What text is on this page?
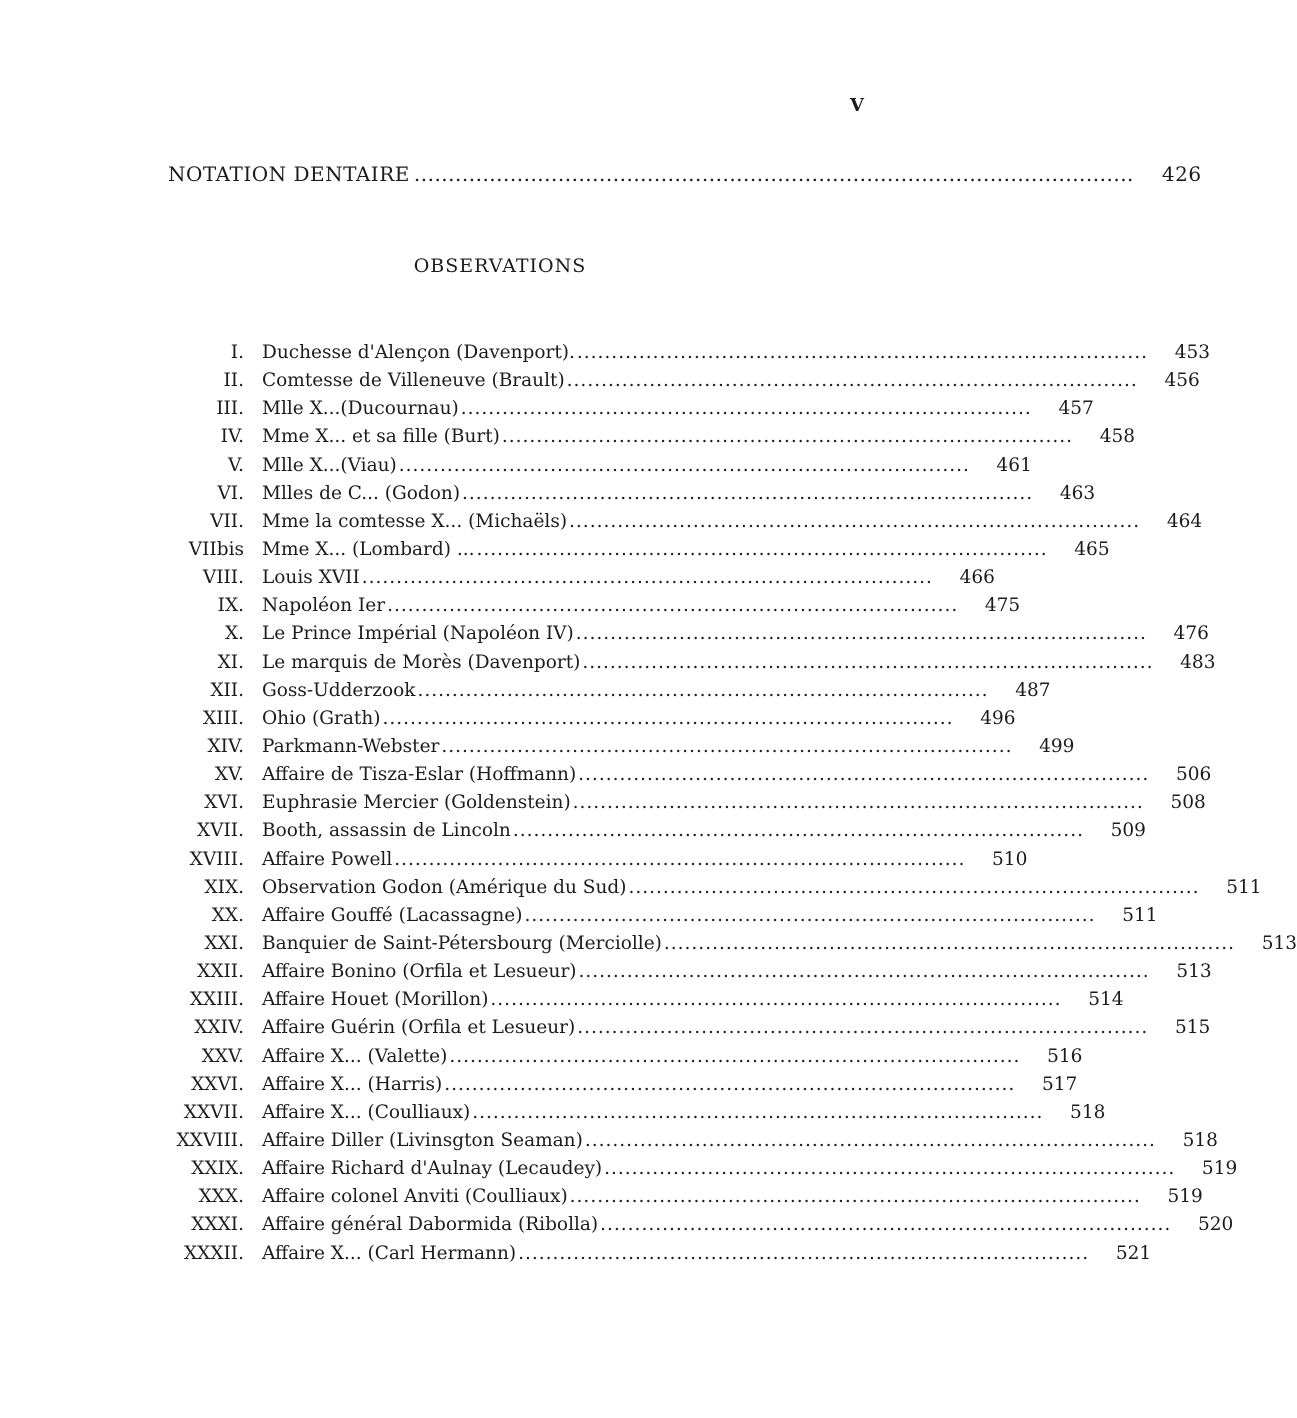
V
NOTATION DENTAIRE ......................................................................................................... 426
OBSERVATIONS
I. Duchesse d'Alençon (Davenport). ................................................................................... 453
II. Comtesse de Villeneuve (Brault) ................................................................................... 456
III. Mlle X...(Ducournau) ................................................................................... 457
IV. Mme X... et sa fille (Burt) ................................................................................... 458
V. Mlle X...(Viau) ................................................................................... 461
VI. Mlles de C... (Godon) ................................................................................... 463
VII. Mme la comtesse X... (Michaëls) ................................................................................... 464
VIIbis Mme X... (Lombard) ... ................................................................................... 465
VIII. Louis XVII ................................................................................... 466
IX. Napoléon Ier ................................................................................... 475
X. Le Prince Impérial (Napoléon IV) ................................................................................... 476
XI. Le marquis de Morès (Davenport) ................................................................................... 483
XII. Goss-Udderzook ................................................................................... 487
XIII. Ohio (Grath) ................................................................................... 496
XIV. Parkmann-Webster ................................................................................... 499
XV. Affaire de Tisza-Eslar (Hoffmann) ................................................................................... 506
XVI. Euphrasie Mercier (Goldenstein) ................................................................................... 508
XVII. Booth, assassin de Lincoln ................................................................................... 509
XVIII. Affaire Powell ................................................................................... 510
XIX. Observation Godon (Amérique du Sud) ................................................................................... 511
XX. Affaire Gouffé (Lacassagne) ................................................................................... 511
XXI. Banquier de Saint-Pétersbourg (Merciolle) ................................................................................... 513
XXII. Affaire Bonino (Orfila et Lesueur) ................................................................................... 513
XXIII. Affaire Houet (Morillon) ................................................................................... 514
XXIV. Affaire Guérin (Orfila et Lesueur) ................................................................................... 515
XXV. Affaire X... (Valette) ................................................................................... 516
XXVI. Affaire X... (Harris) ................................................................................... 517
XXVII. Affaire X... (Coulliaux) ................................................................................... 518
XXVIII. Affaire Diller (Livinsgton Seaman) ................................................................................... 518
XXIX. Affaire Richard d'Aulnay (Lecaudey) ................................................................................... 519
XXX. Affaire colonel Anviti (Coulliaux) ................................................................................... 519
XXXI. Affaire général Dabormida (Ribolla) ................................................................................... 520
XXXII. Affaire X... (Carl Hermann) ................................................................................... 521
